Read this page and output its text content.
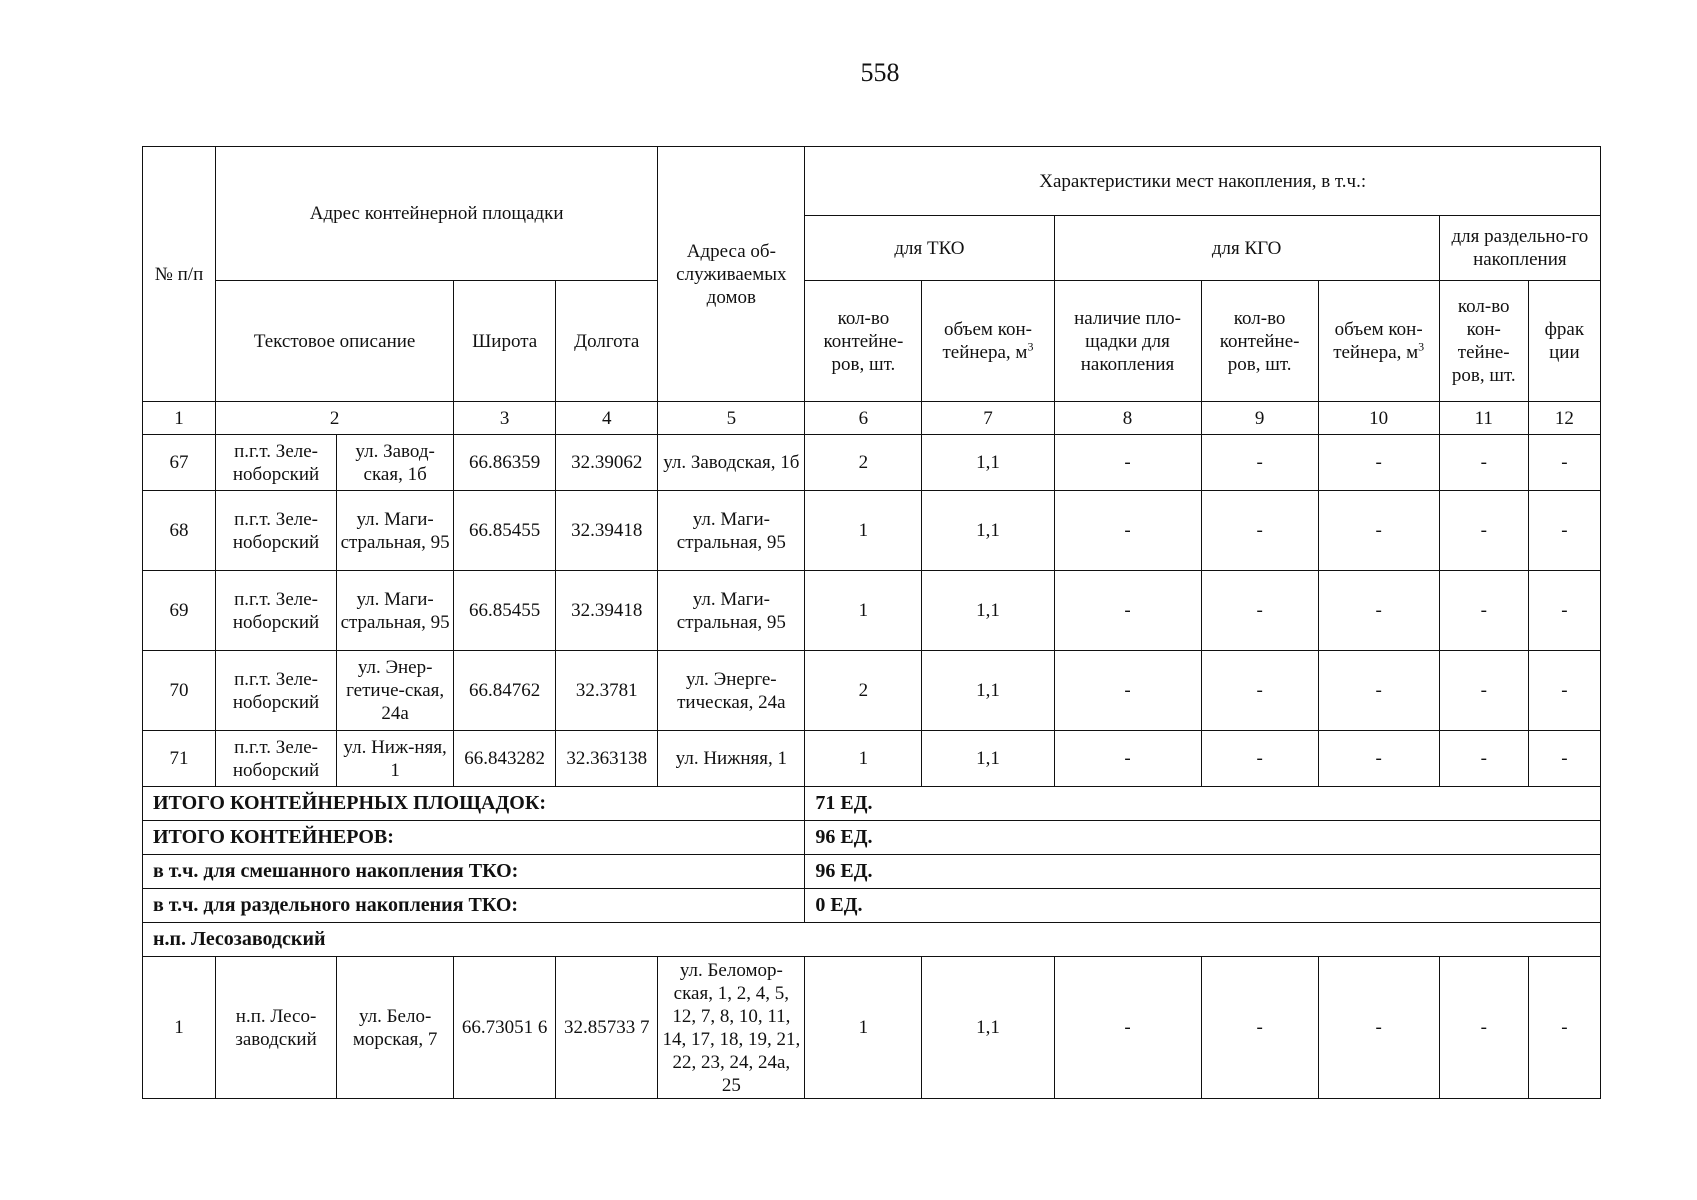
558
№ п/п	Адрес контейнерной площадки				Адреса об-служиваемых домов	Характеристики мест накопления, в т.ч.:						
						для ТКО		для КГО			для раздельно-го накопления	
						кол-во контейне-ров, шт.	объем кон-тейнера, $м^3$	наличие пло-щадки для накопления	кол-во контейне-ров, шт.	объем кон-тейнера, $м^3$	кол-во кон-тейне-ров, шт.	фрак ции
	Текстовое описание		Широта	Долгота								
1	2		3	4	5	6	7	8	9	10	11	12
67	п.г.т. Зеле-ноборский	ул. Завод-ская, 1б	66.86359	32.39062	ул. Заводская, 1б	2	1,1	-	-	-	-	-
68	п.г.т. Зеле-ноборский	ул. Маги-стральная, 95	66.85455	32.39418	ул. Маги-стральная, 95	1	1,1	-	-	-	-	-
69	п.г.т. Зеле-ноборский	ул. Маги-стральная, 95	66.85455	32.39418	ул. Маги-стральная, 95	1	1,1	-	-	-	-	-
70	п.г.т. Зеле-ноборский	ул. Энер-гетиче-ская, 24а	66.84762	32.3781	ул. Энерге-тическая, 24а	2	1,1	-	-	-	-	-
71	п.г.т. Зеле-ноборский	ул. Ниж-няя, 1	66.843282	32.363138	ул. Нижняя, 1	1	1,1	-	-	-	-	-
ИТОГО КОНТЕЙНЕРНЫХ ПЛОЩАДОК:						71 ЕД.						
ИТОГО КОНТЕЙНЕРОВ:						96 ЕД.						
в т.ч. для смешанного накопления ТКО:						96 ЕД.						
в т.ч. для раздельного накопления ТКО:						0 ЕД.						
н.п. Лесозаводский												
1	н.п. Лесо-заводский	ул. Бело-морская, 7	66.73051 6	32.85733 7	ул. Беломор-ская, 1, 2, 4, 5, 12, 7, 8, 10, 11, 14, 17, 18, 19, 21, 22, 23, 24, 24а, 25	1	1,1	-	-	-	-	-
